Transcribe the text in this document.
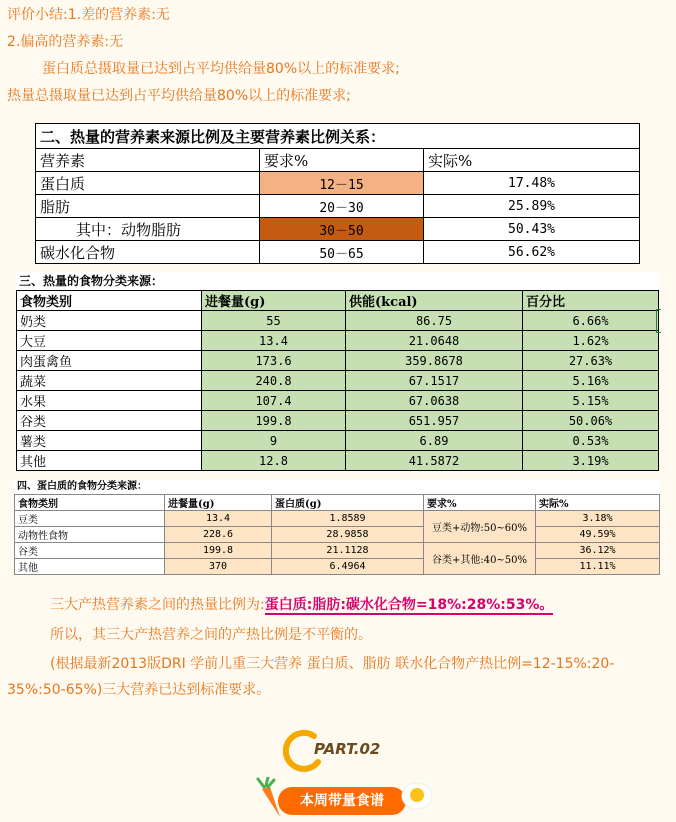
评价小结:1.差的营养素:无
2.偏高的营养素:无
蛋白质总摄取量已达到占平均供给量80%以上的标准要求;
热量总摄取量已达到占平均供给量80%以上的标准要求;
二、热量的营养素来源比例及主要营养素比例关系：		
营养素	要求%	实际%
蛋白质	12－15	17.48%
脂肪	20－30	25.89%
其中：动物脂肪	30－50	50.43%
碳水化合物	50－65	56.62%
三、热量的食物分类来源：
食物类别	进餐量(g)	供能(kcal)	百分比
奶类	55	86.75	6.66%
大豆	13.4	21.0648	1.62%
肉蛋禽鱼	173.6	359.8678	27.63%
蔬菜	240.8	67.1517	5.16%
水果	107.4	67.0638	5.15%
谷类	199.8	651.957	50.06%
薯类	9	6.89	0.53%
其他	12.8	41.5872	3.19%
四、蛋白质的食物分类来源：
食物类别	进餐量(g)	蛋白质(g)	要求%	实际%
豆类	13.4	1.8589	豆类+动物:50~60%	3.18%
动物性食物	228.6	28.9858		49.59%
谷类	199.8	21.1128	谷类+其他:40~50%	36.12%
其他	370	6.4964		11.11%
三大产热营养素之间的热量比例为:蛋白质:脂肪:碳水化合物=18%:28%:53%。
所以，其三大产热营养之间的产热比例是不平衡的。
(根据最新2013版DRI 学前儿重三大营养 蛋白质、脂肪 联水化合物产热比例=12-15%:20-35%:50-65%)三大营养已达到标准要求。
PART.02
本周带量食谱
